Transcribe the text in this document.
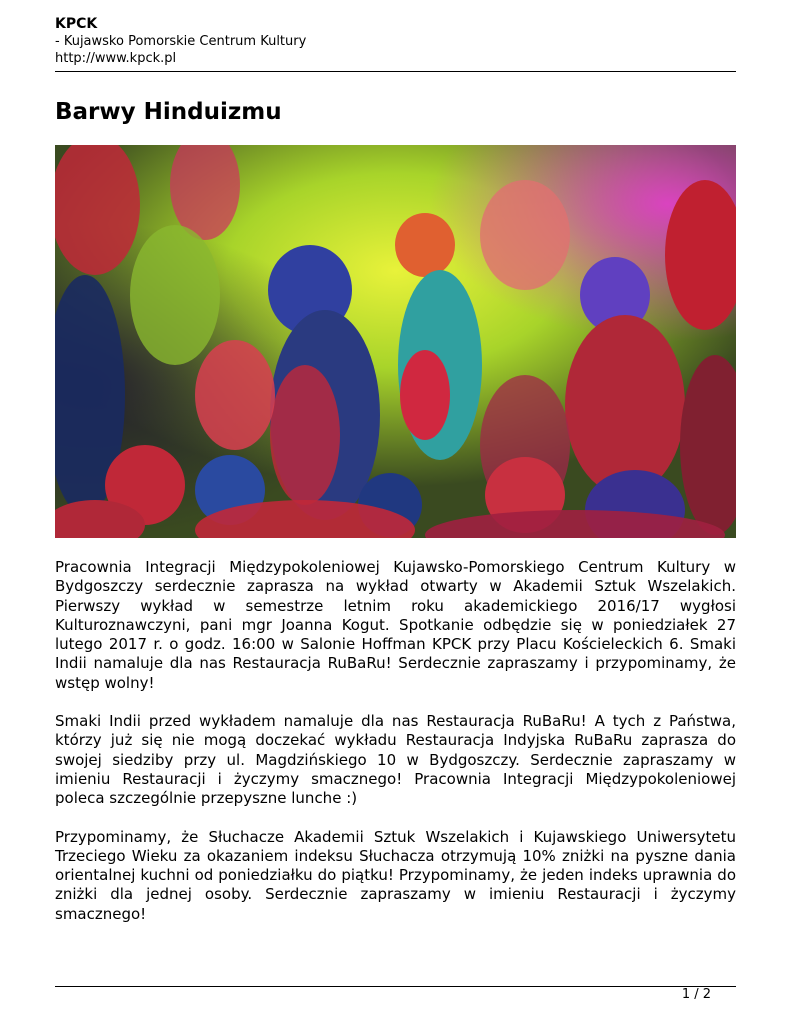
KPCK
- Kujawsko Pomorskie Centrum Kultury
http://www.kpck.pl
Barwy Hinduizmu

Pracownia Integracji Międzypokoleniowej Kujawsko-Pomorskiego Centrum Kultury w Bydgoszczy serdecznie zaprasza na wykład otwarty w Akademii Sztuk Wszelakich. Pierwszy wykład w semestrze letnim roku akademickiego 2016/17 wygłosi Kulturoznawczyni, pani mgr Joanna Kogut. Spotkanie odbędzie się w poniedziałek 27 lutego 2017 r. o godz. 16:00 w Salonie Hoffman KPCK przy Placu Kościeleckich 6. Smaki Indii namaluje dla nas Restauracja RuBaRu! Serdecznie zapraszamy i przypominamy, że wstęp wolny!

Smaki Indii przed wykładem namaluje dla nas Restauracja RuBaRu! A tych z Państwa, którzy już się nie mogą doczekać wykładu Restauracja Indyjska RuBaRu zaprasza do swojej siedziby przy ul. Magdzińskiego 10 w Bydgoszczy. Serdecznie zapraszamy w imieniu Restauracji i życzymy smacznego! Pracownia Integracji Międzypokoleniowej poleca szczególnie przepyszne lunche :)

Przypominamy, że Słuchacze Akademii Sztuk Wszelakich i Kujawskiego Uniwersytetu Trzeciego Wieku za okazaniem indeksu Słuchacza otrzymują 10% zniżki na pyszne dania orientalnej kuchni od poniedziałku do piątku! Przypominamy, że jeden indeks uprawnia do zniżki dla jednej osoby. Serdecznie zapraszamy w imieniu Restauracji i życzymy smacznego!

1 / 2
